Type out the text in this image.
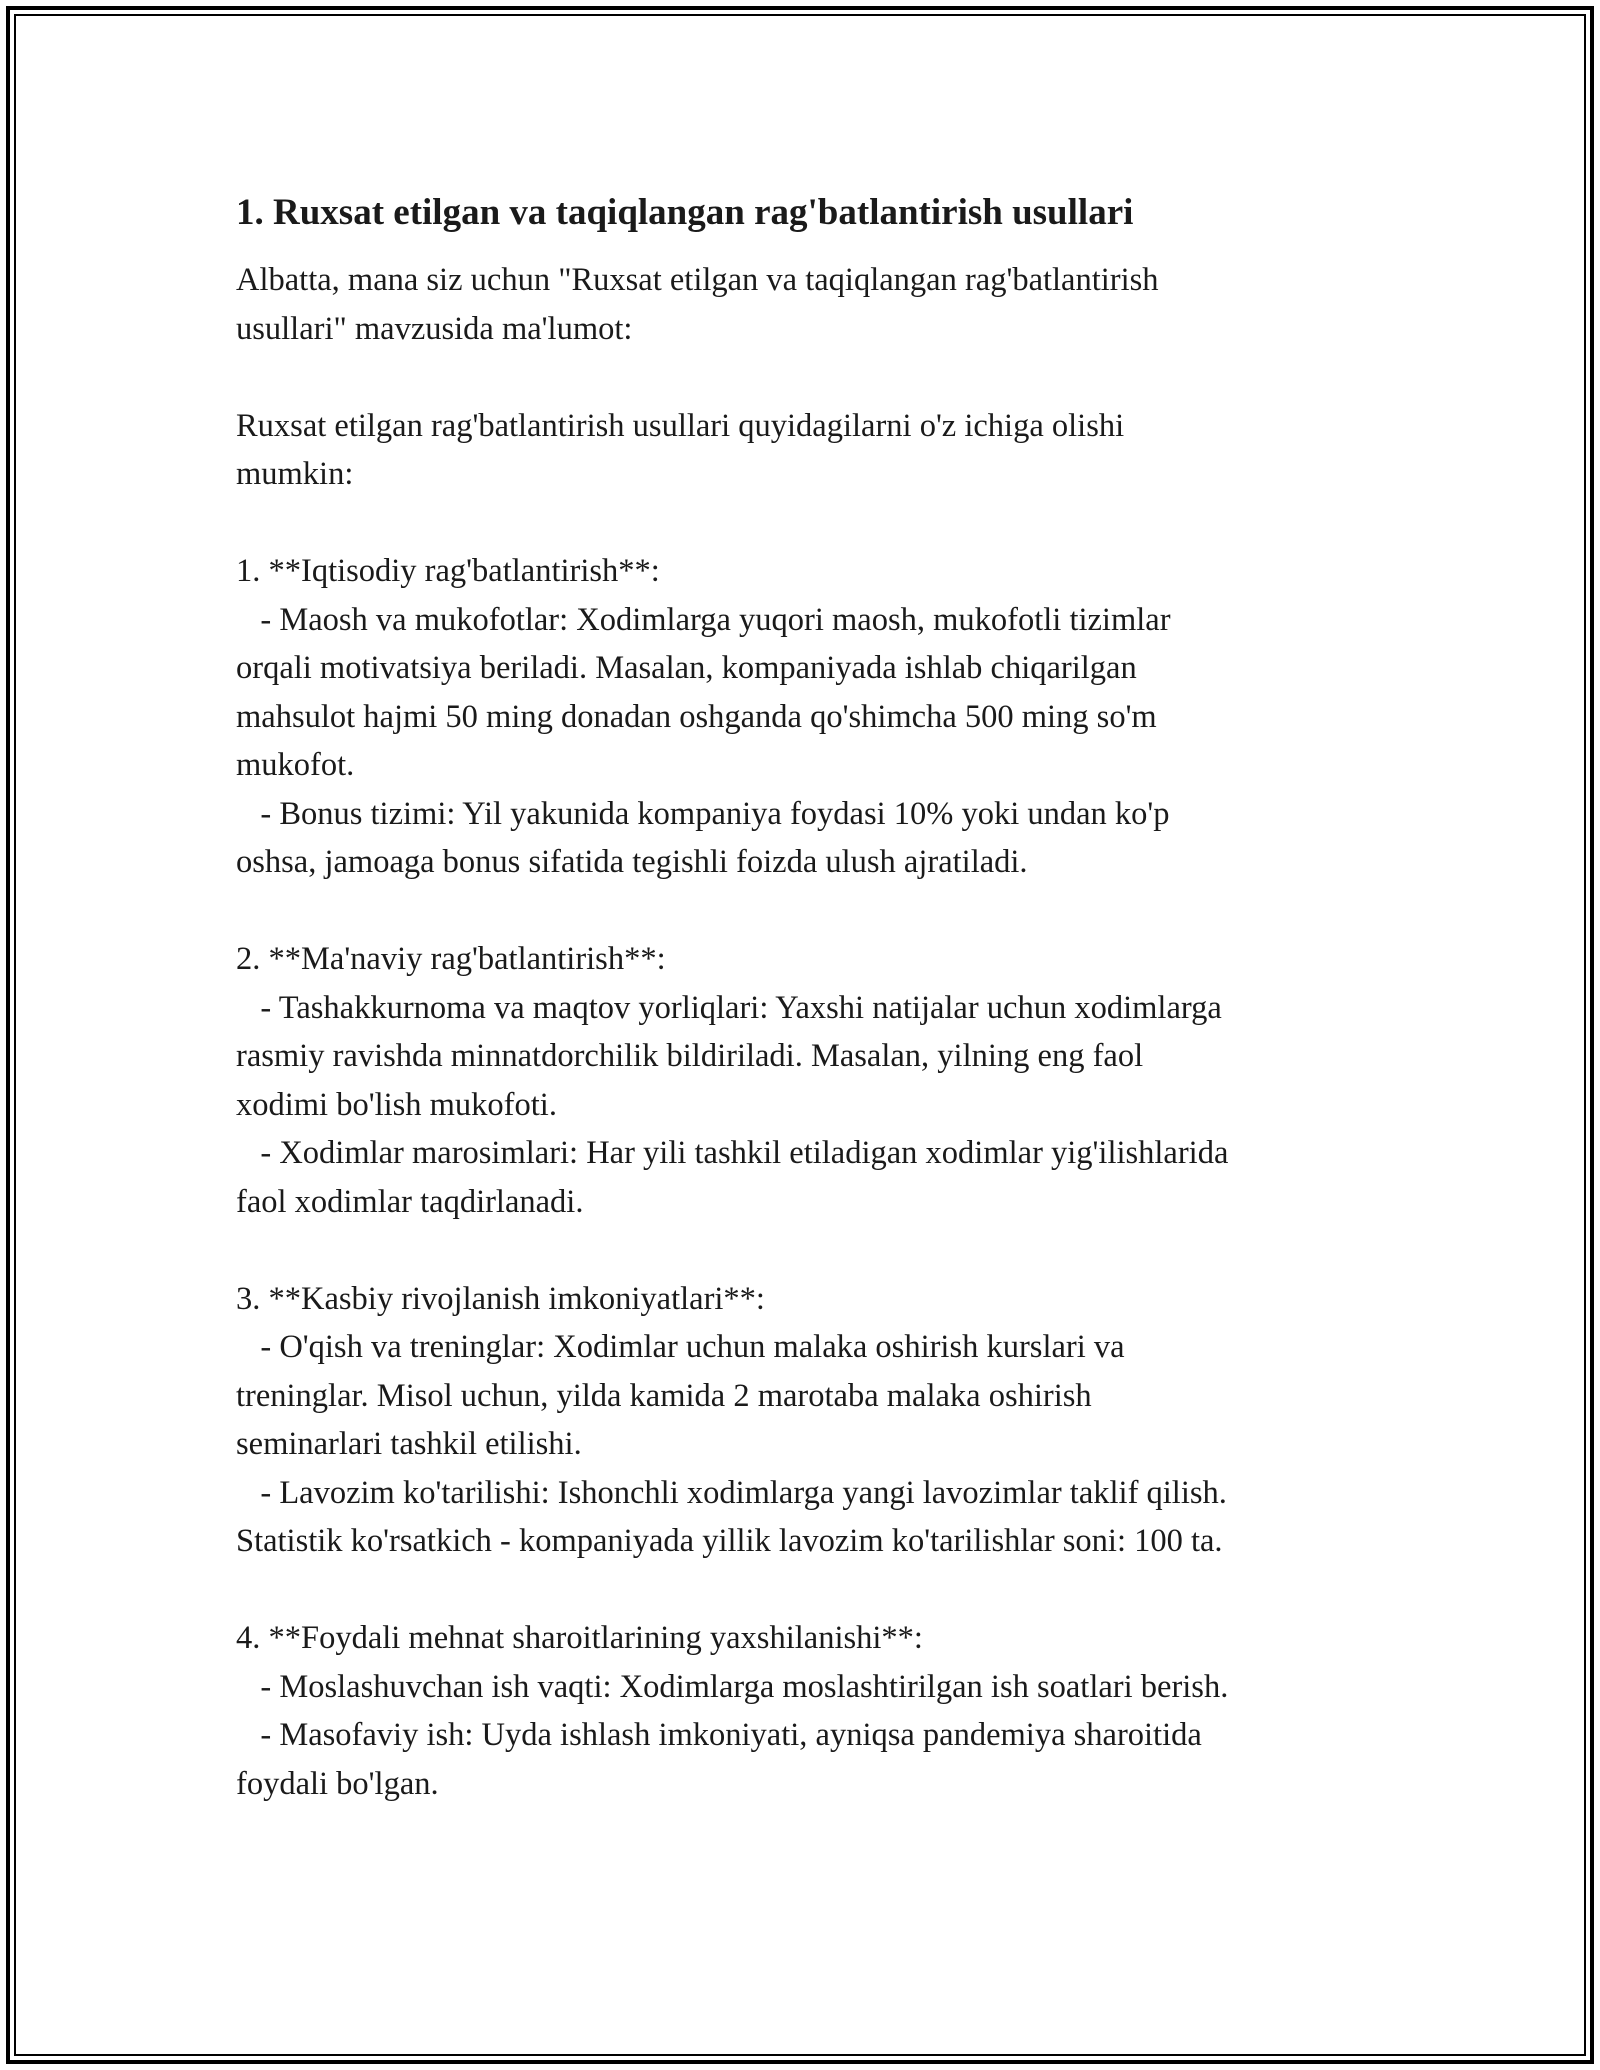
1. Ruxsat etilgan va taqiqlangan rag'batlantirish usullari
Albatta, mana siz uchun "Ruxsat etilgan va taqiqlangan rag'batlantirish
usullari" mavzusida ma'lumot:
Ruxsat etilgan rag'batlantirish usullari quyidagilarni o'z ichiga olishi
mumkin:
1. **Iqtisodiy rag'batlantirish**:
- Maosh va mukofotlar: Xodimlarga yuqori maosh, mukofotli tizimlar
orqali motivatsiya beriladi. Masalan, kompaniyada ishlab chiqarilgan
mahsulot hajmi 50 ming donadan oshganda qo'shimcha 500 ming so'm
mukofot.
- Bonus tizimi: Yil yakunida kompaniya foydasi 10% yoki undan ko'p
oshsa, jamoaga bonus sifatida tegishli foizda ulush ajratiladi.
2. **Ma'naviy rag'batlantirish**:
- Tashakkurnoma va maqtov yorliqlari: Yaxshi natijalar uchun xodimlarga
rasmiy ravishda minnatdorchilik bildiriladi. Masalan, yilning eng faol
xodimi bo'lish mukofoti.
- Xodimlar marosimlari: Har yili tashkil etiladigan xodimlar yig'ilishlarida
faol xodimlar taqdirlanadi.
3. **Kasbiy rivojlanish imkoniyatlari**:
- O'qish va treninglar: Xodimlar uchun malaka oshirish kurslari va
treninglar. Misol uchun, yilda kamida 2 marotaba malaka oshirish
seminarlari tashkil etilishi.
- Lavozim ko'tarilishi: Ishonchli xodimlarga yangi lavozimlar taklif qilish.
Statistik ko'rsatkich - kompaniyada yillik lavozim ko'tarilishlar soni: 100 ta.
4. **Foydali mehnat sharoitlarining yaxshilanishi**:
- Moslashuvchan ish vaqti: Xodimlarga moslashtirilgan ish soatlari berish.
- Masofaviy ish: Uyda ishlash imkoniyati, ayniqsa pandemiya sharoitida
foydali bo'lgan.
